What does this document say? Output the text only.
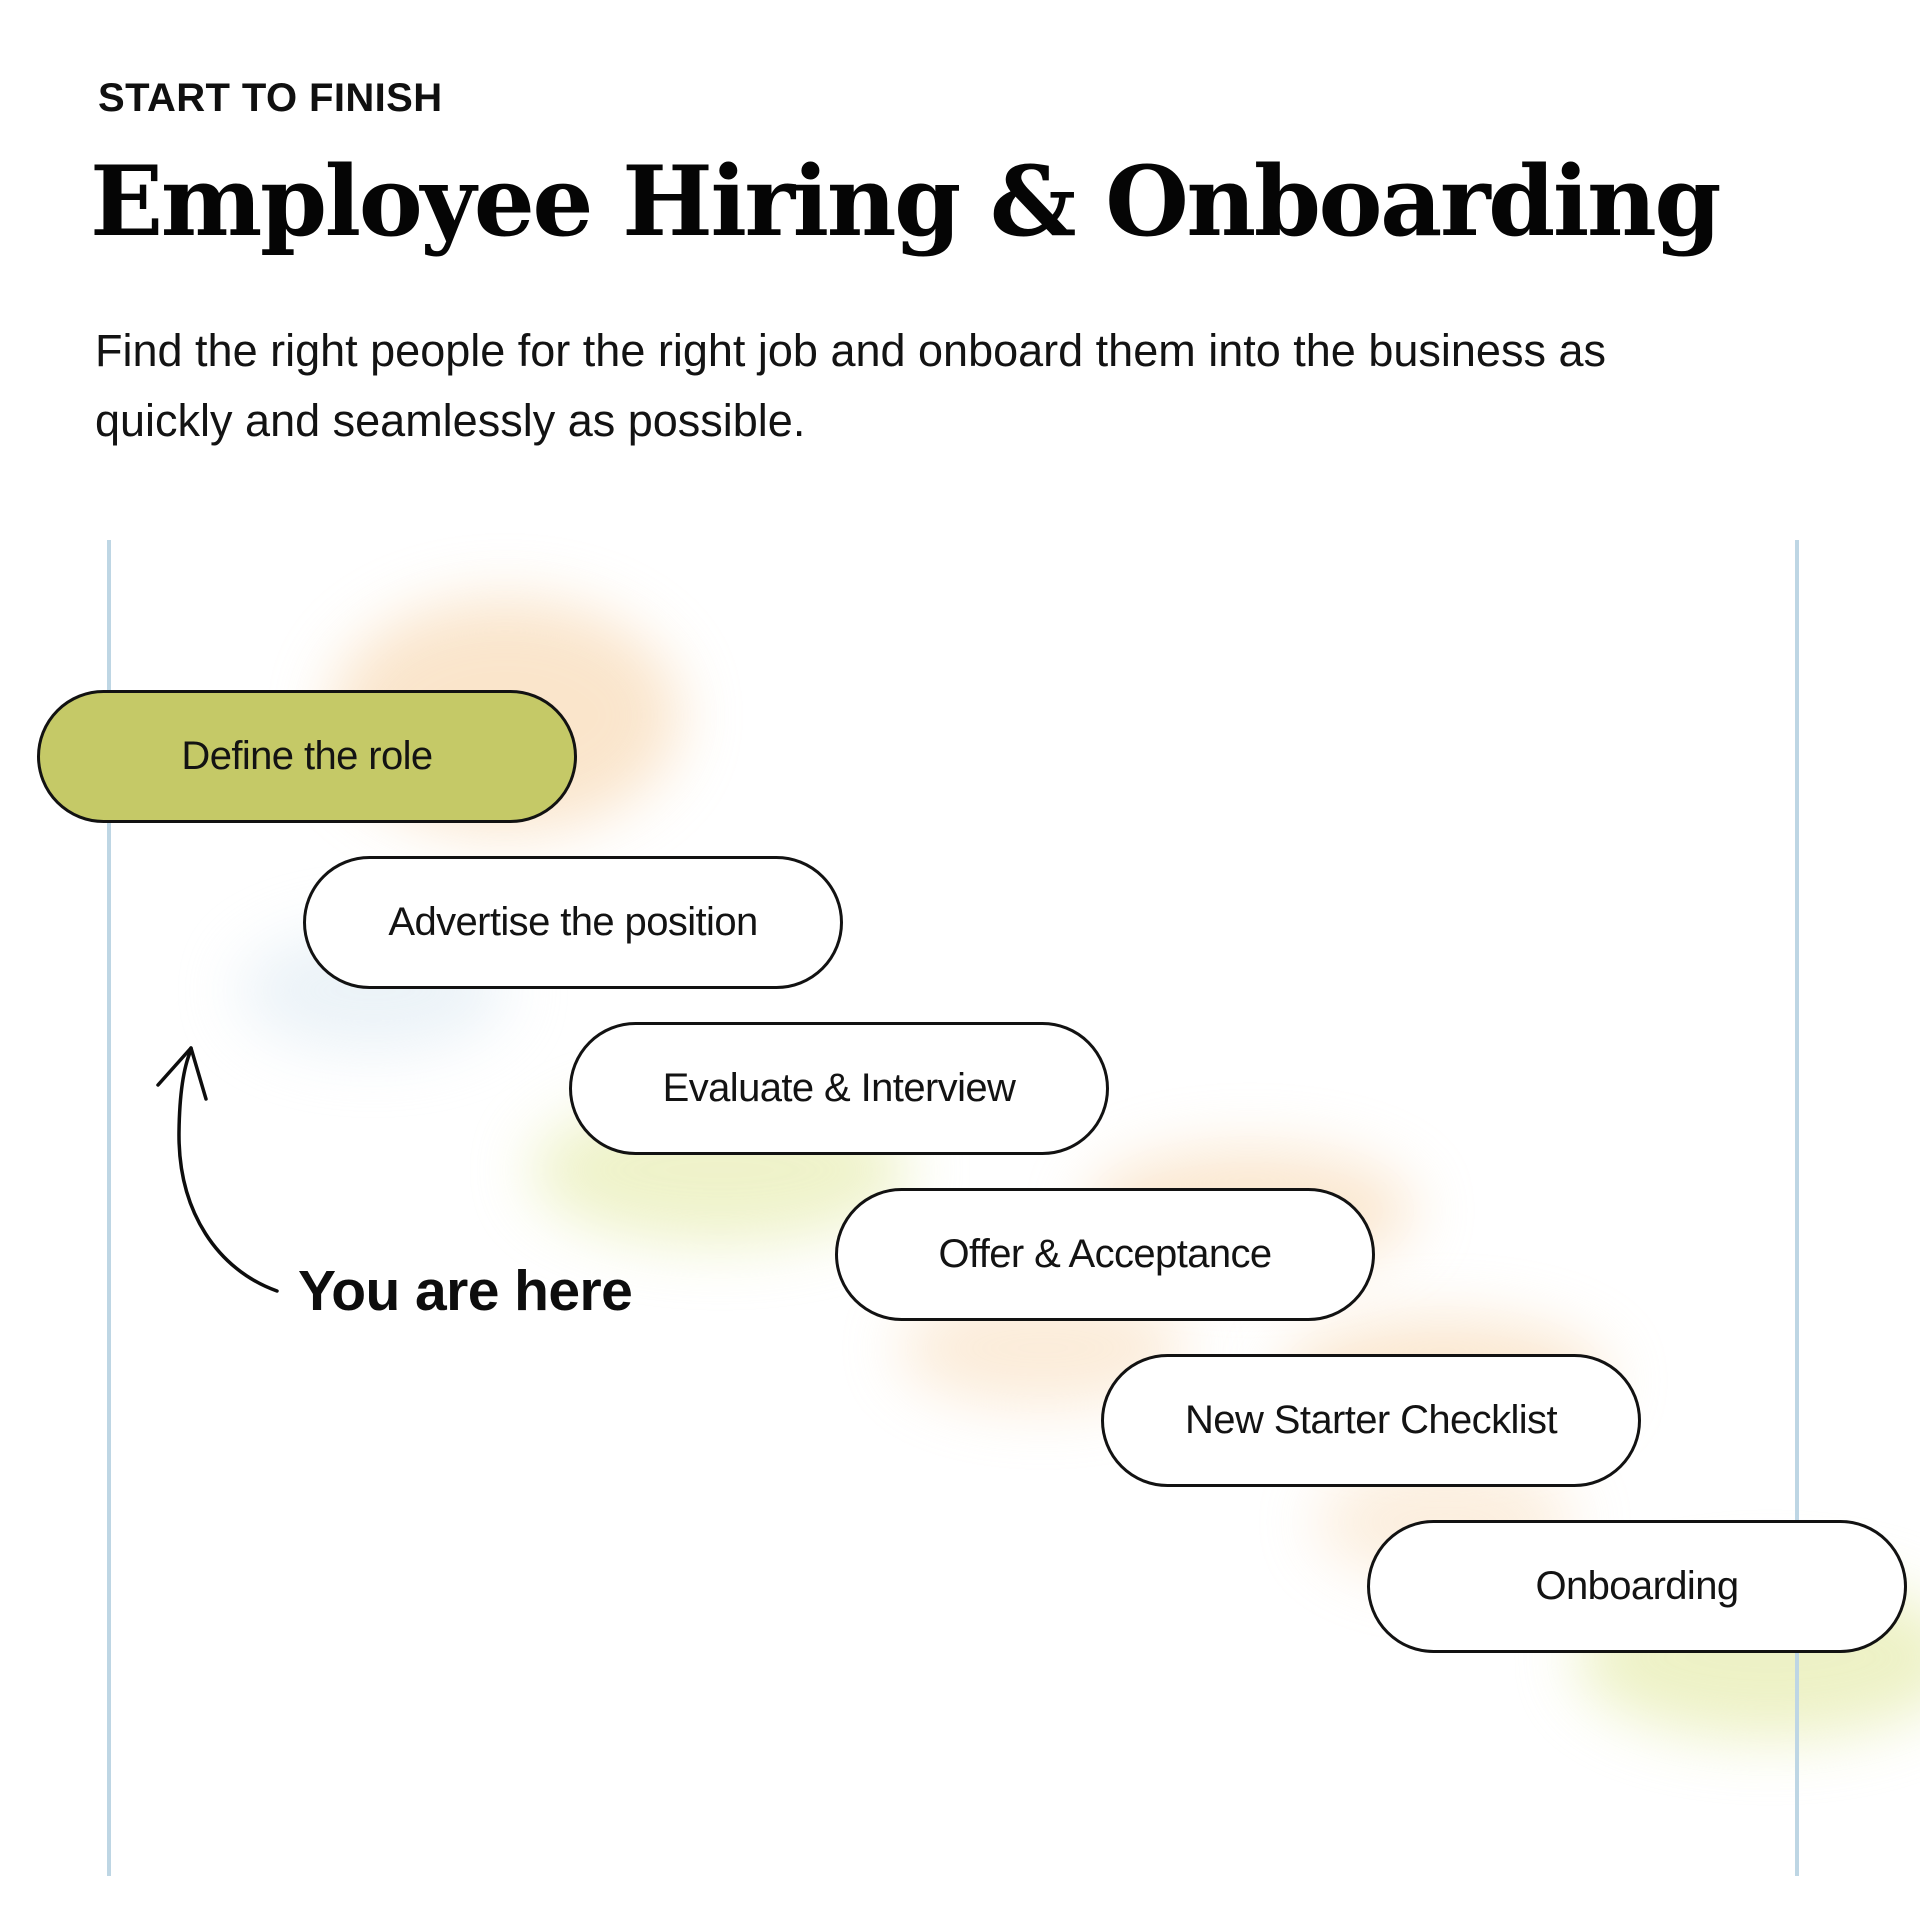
START TO FINISH
Employee Hiring & Onboarding

Find the right people for the right job and onboard them into the business as
quickly and seamlessly as possible.

Define the role
Advertise the position
Evaluate & Interview
Offer & Acceptance
New Starter Checklist
Onboarding
You are here
